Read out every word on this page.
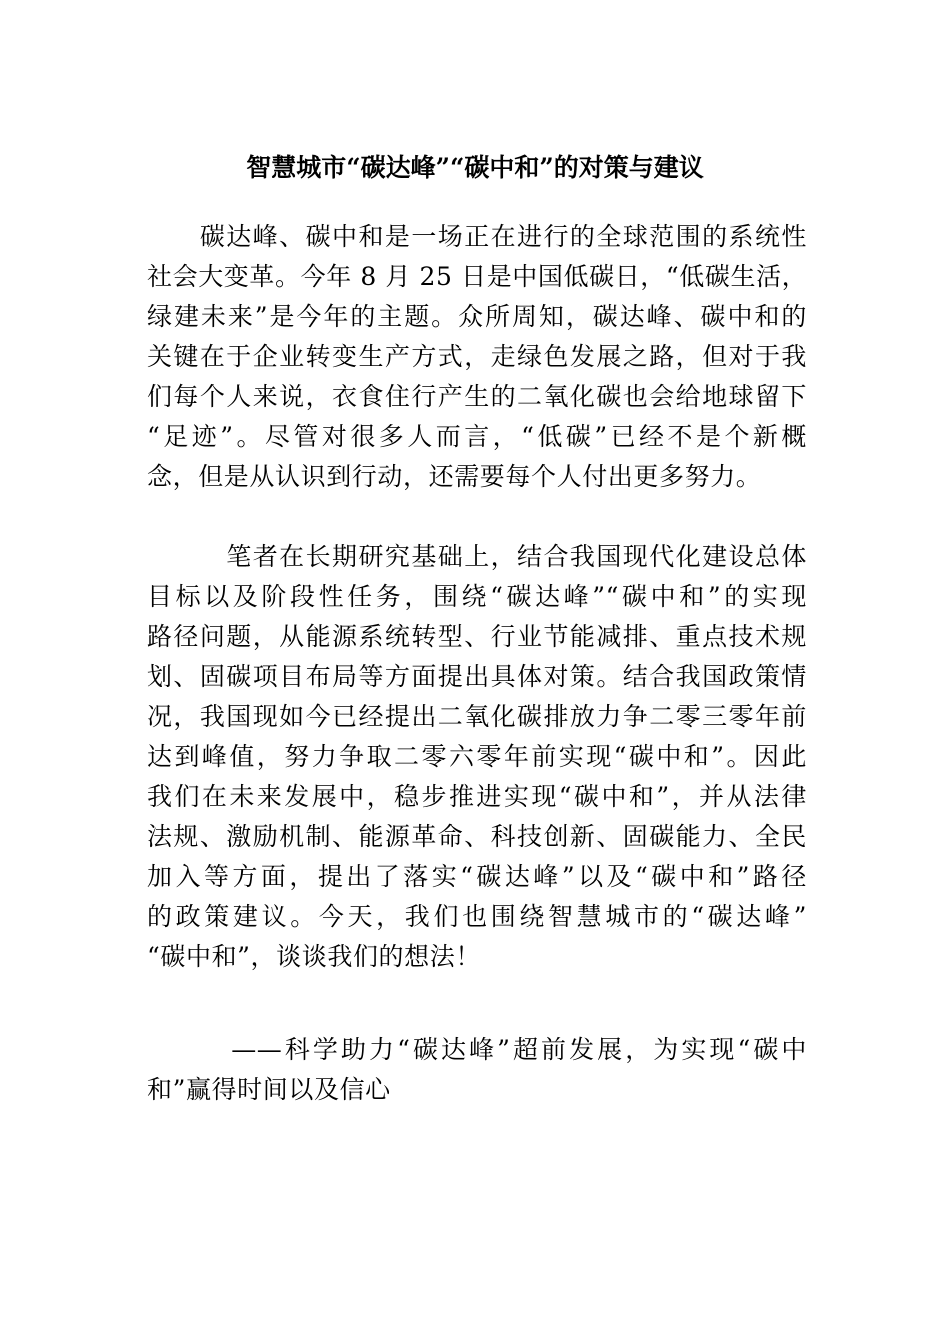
智慧城市“碳达峰”“碳中和”的对策与建议

　　碳达峰、碳中和是一场正在进行的全球范围的系统性
社会大变革。今年 8 月 25 日是中国低碳日，“低碳生活，
绿建未来”是今年的主题。众所周知，碳达峰、碳中和的
关键在于企业转变生产方式，走绿色发展之路，但对于我
们每个人来说，衣食住行产生的二氧化碳也会给地球留下
“足迹”。尽管对很多人而言，“低碳”已经不是个新概
念，但是从认识到行动，还需要每个人付出更多努力。

　　　笔者在长期研究基础上，结合我国现代化建设总体
目标以及阶段性任务，围绕“碳达峰”“碳中和”的实现
路径问题，从能源系统转型、行业节能减排、重点技术规
划、固碳项目布局等方面提出具体对策。结合我国政策情
况，我国现如今已经提出二氧化碳排放力争二零三零年前
达到峰值，努力争取二零六零年前实现“碳中和”。因此
我们在未来发展中，稳步推进实现“碳中和”，并从法律
法规、激励机制、能源革命、科技创新、固碳能力、全民
加入等方面，提出了落实“碳达峰”以及“碳中和”路径
的政策建议。今天，我们也围绕智慧城市的“碳达峰”
“碳中和”，谈谈我们的想法！

　　　——科学助力“碳达峰”超前发展，为实现“碳中
和”赢得时间以及信心
